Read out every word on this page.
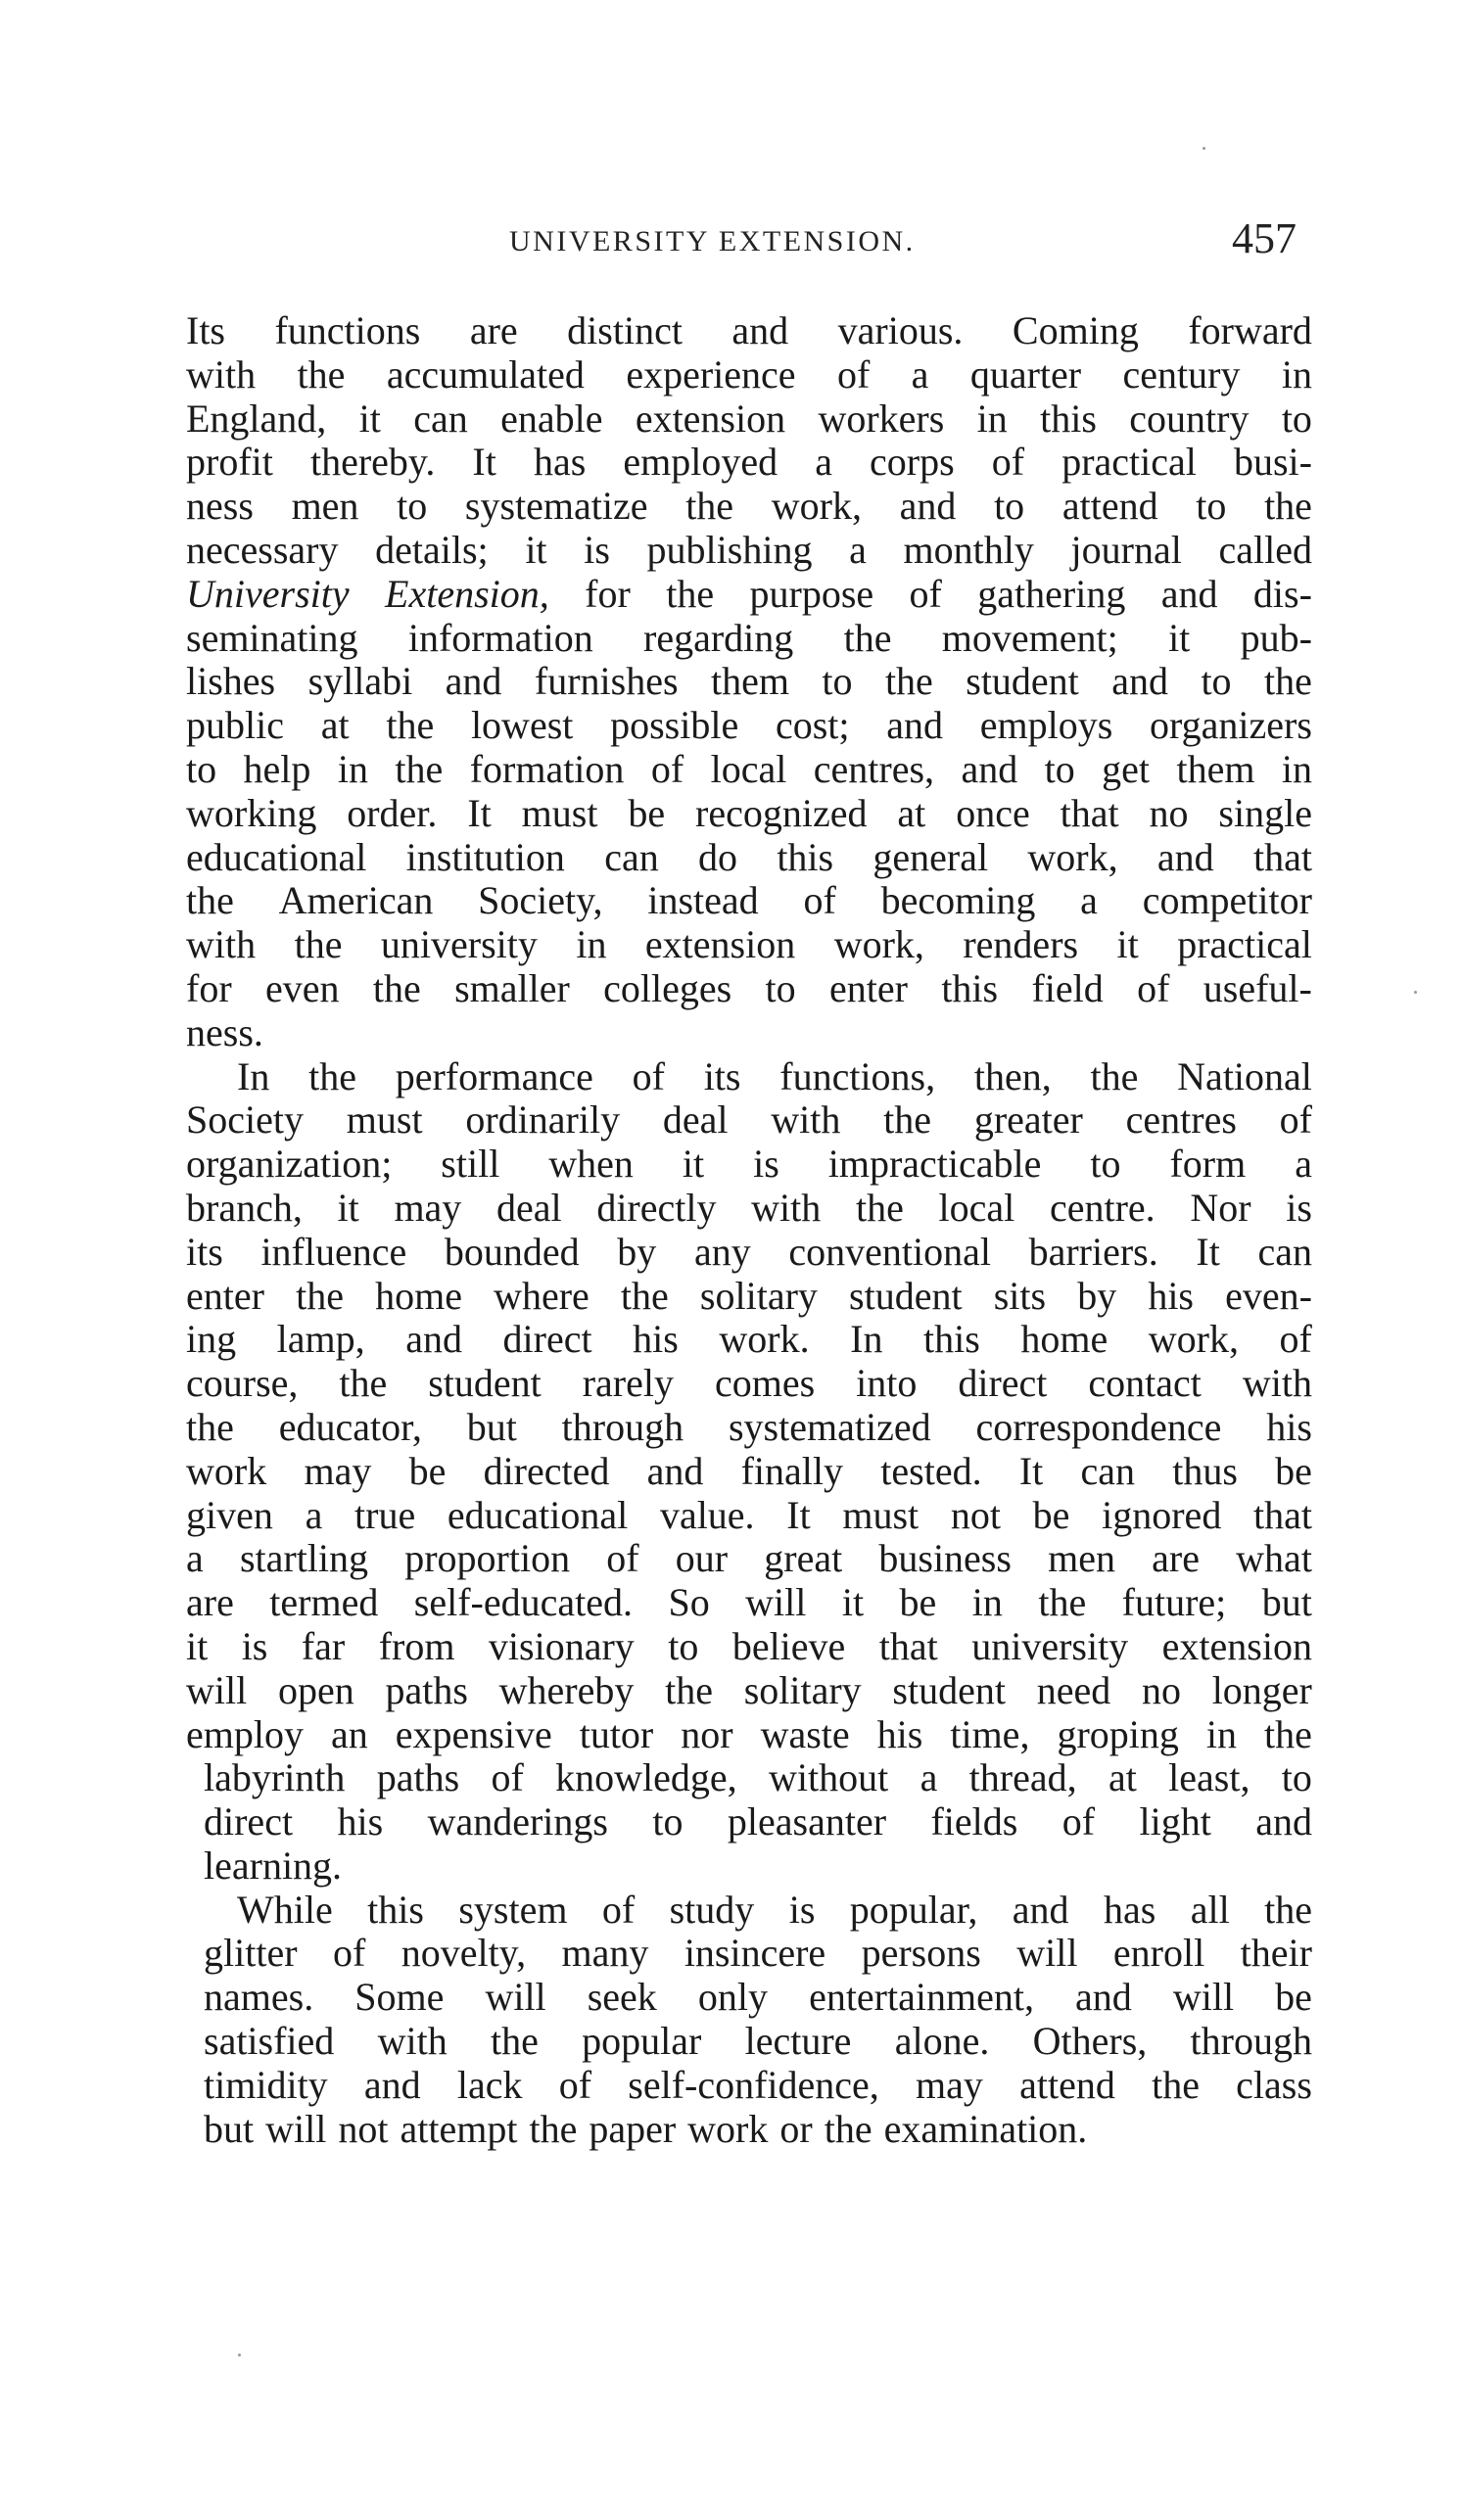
UNIVERSITY EXTENSION.	457
Its functions are distinct and various. Coming forward
with the accumulated experience of a quarter century in
England, it can enable extension workers in this country to
profit thereby. It has employed a corps of practical busi-
ness men to systematize the work, and to attend to the
necessary details; it is publishing a monthly journal called
University Extension, for the purpose of gathering and dis-
seminating information regarding the movement; it pub-
lishes syllabi and furnishes them to the student and to the
public at the lowest possible cost; and employs organizers
to help in the formation of local centres, and to get them in
working order. It must be recognized at once that no single
educational institution can do this general work, and that
the American Society, instead of becoming a competitor
with the university in extension work, renders it practical
for even the smaller colleges to enter this field of useful-
ness.
In the performance of its functions, then, the National
Society must ordinarily deal with the greater centres of
organization; still when it is impracticable to form a
branch, it may deal directly with the local centre. Nor is
its influence bounded by any conventional barriers. It can
enter the home where the solitary student sits by his even-
ing lamp, and direct his work. In this home work, of
course, the student rarely comes into direct contact with
the educator, but through systematized correspondence his
work may be directed and finally tested. It can thus be
given a true educational value. It must not be ignored that
a startling proportion of our great business men are what
are termed self-educated. So will it be in the future; but
it is far from visionary to believe that university extension
will open paths whereby the solitary student need no longer
employ an expensive tutor nor waste his time, groping in the
labyrinth paths of knowledge, without a thread, at least, to
direct his wanderings to pleasanter fields of light and
learning.
While this system of study is popular, and has all the
glitter of novelty, many insincere persons will enroll their
names. Some will seek only entertainment, and will be
satisfied with the popular lecture alone. Others, through
timidity and lack of self-confidence, may attend the class
but will not attempt the paper work or the examination.
